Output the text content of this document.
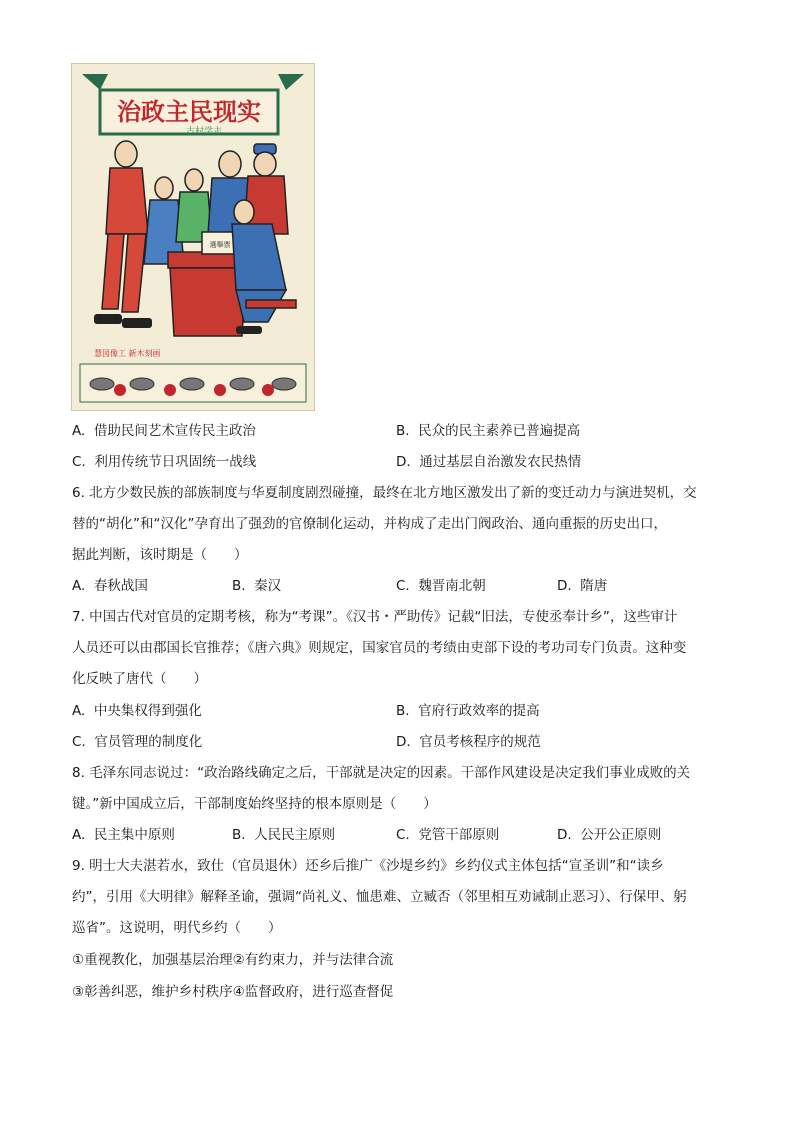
治政主民现实
古村学志
選舉票
慧図像工 新木刻画
A. 借助民间艺术宣传民主政治	B. 民众的民主素养已普遍提高
C. 利用传统节日巩固统一战线	D. 通过基层自治激发农民热情
6. 北方少数民族的部族制度与华夏制度剧烈碰撞，最终在北方地区激发出了新的变迁动力与演进契机，交
替的“胡化”和“汉化”孕育出了强劲的官僚制化运动，并构成了走出门阀政治、通向重振的历史出口，
据此判断，该时期是（　　）
A. 春秋战国	B. 秦汉	C. 魏晋南北朝	D. 隋唐
7. 中国古代对官员的定期考核，称为“考课”。《汉书・严助传》记载“旧法，专使丞奉计乡”，这些审计
人员还可以由郡国长官推荐；《唐六典》则规定，国家官员的考绩由吏部下设的考功司专门负责。这种变
化反映了唐代（　　）
A. 中央集权得到强化	B. 官府行政效率的提高
C. 官员管理的制度化	D. 官员考核程序的规范
8. 毛泽东同志说过：“政治路线确定之后，干部就是决定的因素。干部作风建设是决定我们事业成败的关
键。”新中国成立后，干部制度始终坚持的根本原则是（　　）
A. 民主集中原则	B. 人民民主原则	C. 党管干部原则	D. 公开公正原则
9. 明士大夫湛若水，致仕（官员退休）还乡后推广《沙堤乡约》乡约仪式主体包括“宣圣训”和“读乡
约”，引用《大明律》解释圣谕，强调“尚礼义、恤患难、立臧否（邻里相互劝诫制止恶习）、行保甲、躬
巡省”。这说明，明代乡约（　　）
①重视教化，加强基层治理②有约束力，并与法律合流
③彰善纠恶，维护乡村秩序④监督政府，进行巡查督促
